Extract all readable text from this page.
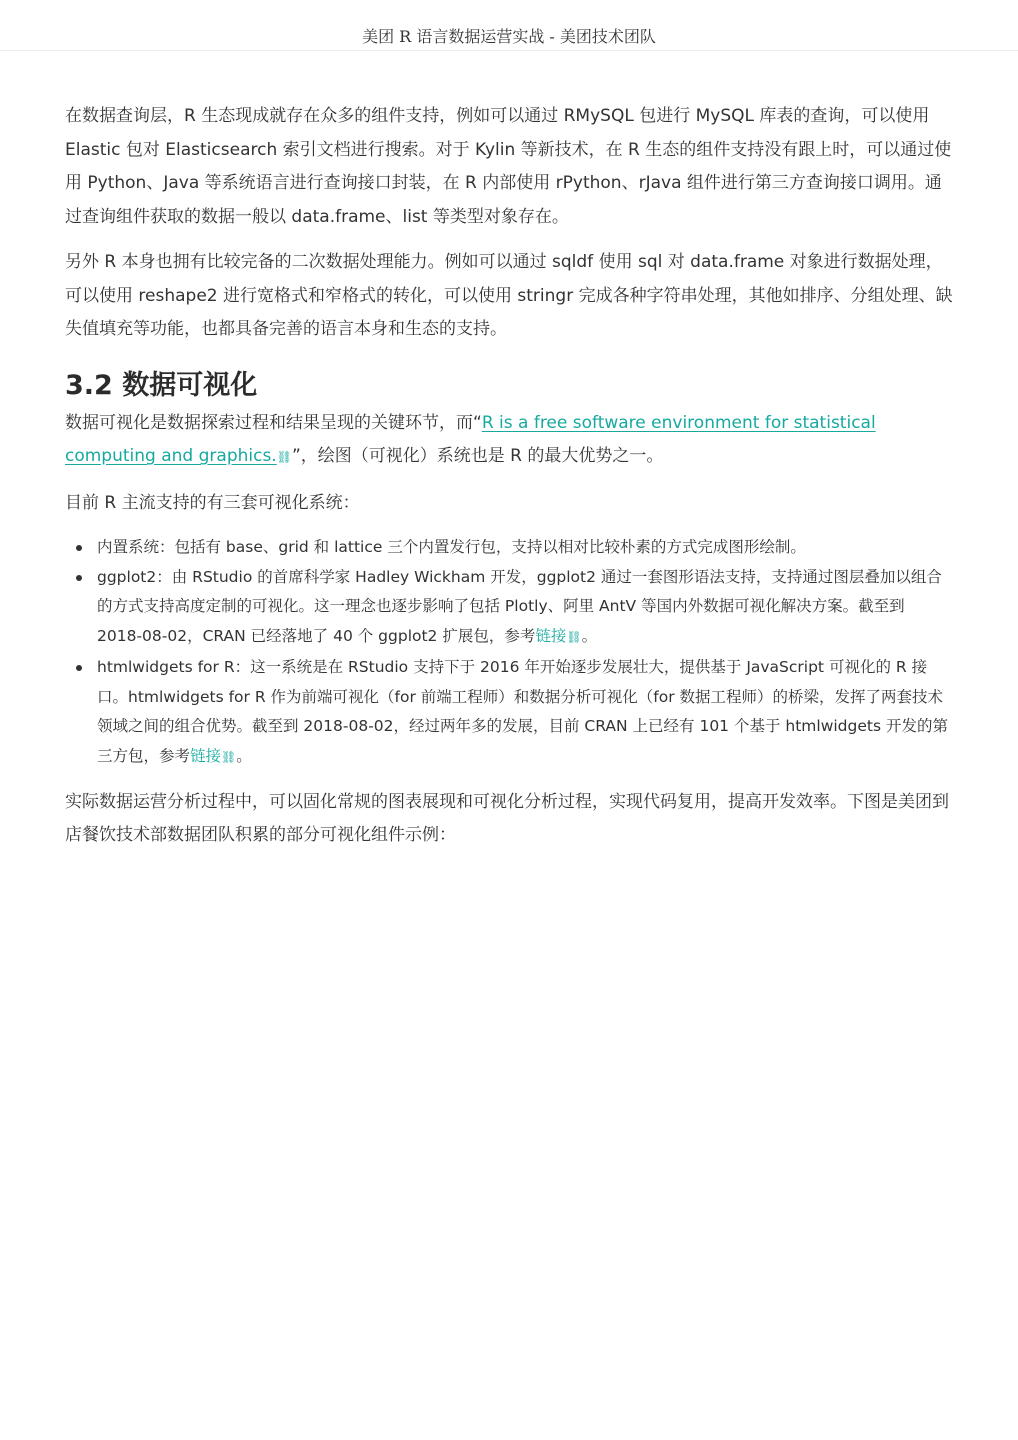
美团 R 语言数据运营实战 - 美团技术团队

在数据查询层，R 生态现成就存在众多的组件支持，例如可以通过 RMySQL 包进行 MySQL 库表的查询，可以使用 Elastic 包对 Elasticsearch 索引文档进行搜索。对于 Kylin 等新技术，在 R 生态的组件支持没有跟上时，可以通过使用 Python、Java 等系统语言进行查询接口封装，在 R 内部使用 rPython、rJava 组件进行第三方查询接口调用。通过查询组件获取的数据一般以 data.frame、list 等类型对象存在。

另外 R 本身也拥有比较完备的二次数据处理能力。例如可以通过 sqldf 使用 sql 对 data.frame 对象进行数据处理，可以使用 reshape2 进行宽格式和窄格式的转化，可以使用 stringr 完成各种字符串处理，其他如排序、分组处理、缺失值填充等功能，也都具备完善的语言本身和生态的支持。

3.2 数据可视化

数据可视化是数据探索过程和结果呈现的关键环节，而“R is a free software environment for statistical computing and graphics.⛓”，绘图（可视化）系统也是 R 的最大优势之一。

目前 R 主流支持的有三套可视化系统：

内置系统：包括有 base、grid 和 lattice 三个内置发行包，支持以相对比较朴素的方式完成图形绘制。
ggplot2：由 RStudio 的首席科学家 Hadley Wickham 开发，ggplot2 通过一套图形语法支持，支持通过图层叠加以组合的方式支持高度定制的可视化。这一理念也逐步影响了包括 Plotly、阿里 AntV 等国内外数据可视化解决方案。截至到 2018-08-02，CRAN 已经落地了 40 个 ggplot2 扩展包，参考链接⛓。
htmlwidgets for R：这一系统是在 RStudio 支持下于 2016 年开始逐步发展壮大，提供基于 JavaScript 可视化的 R 接口。htmlwidgets for R 作为前端可视化（for 前端工程师）和数据分析可视化（for 数据工程师）的桥梁，发挥了两套技术领域之间的组合优势。截至到 2018-08-02，经过两年多的发展，目前 CRAN 上已经有 101 个基于 htmlwidgets 开发的第三方包，参考链接⛓。

实际数据运营分析过程中，可以固化常规的图表展现和可视化分析过程，实现代码复用，提高开发效率。下图是美团到店餐饮技术部数据团队积累的部分可视化组件示例：
